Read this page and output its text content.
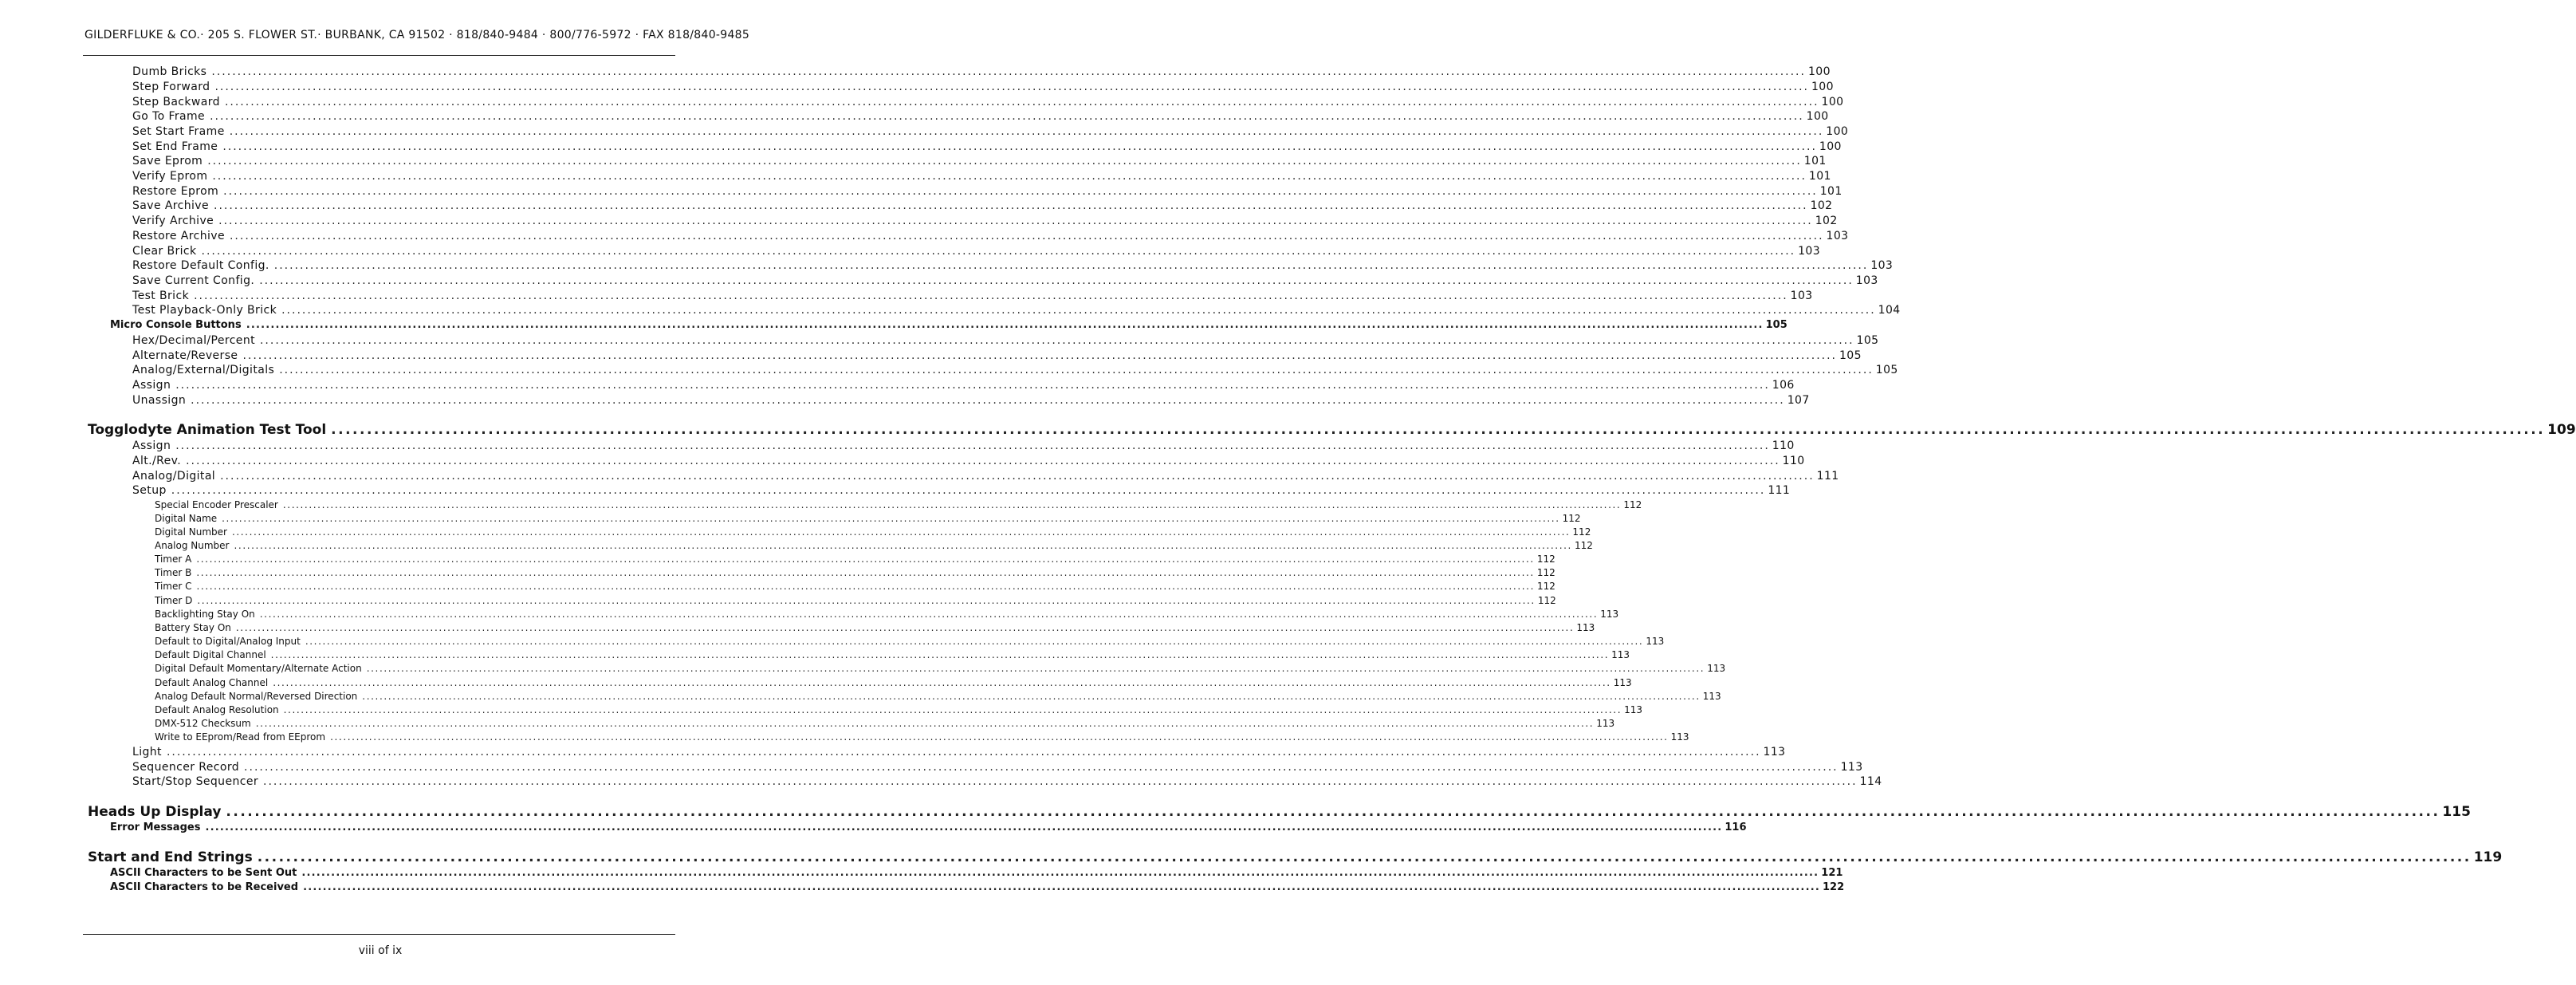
GILDERFLUKE & CO.· 205 S. FLOWER ST.· BURBANK, CA 91502 · 818/840-9484 · 800/776-5972 · FAX 818/840-9485
Dumb Bricks .....	100
Step Forward .....	100
Step Backward .....	100
Go To Frame .....	100
Set Start Frame .....	100
Set End Frame .....	100
Save Eprom .....	101
Verify Eprom .....	101
Restore Eprom .....	101
Save Archive .....	102
Verify Archive .....	102
Restore Archive .....	103
Clear Brick .....	103
Restore Default Config. .....	103
Save Current Config. .....	103
Test Brick .....	103
Test Playback-Only Brick .....	104
Micro Console Buttons .....	105
Hex/Decimal/Percent .....	105
Alternate/Reverse .....	105
Analog/External/Digitals .....	105
Assign .....	106
Unassign .....	107
Togglodyte Animation Test Tool .....	109
Assign .....	110
Alt./Rev. .....	110
Analog/Digital .....	111
Setup .....	111
Special Encoder Prescaler .....	112
Digital Name .....	112
Digital Number .....	112
Analog Number .....	112
Timer A .....	112
Timer B .....	112
Timer C .....	112
Timer D .....	112
Backlighting Stay On .....	113
Battery Stay On .....	113
Default to Digital/Analog Input .....	113
Default Digital Channel .....	113
Digital Default Momentary/Alternate Action .....	113
Default Analog Channel .....	113
Analog Default Normal/Reversed Direction .....	113
Default Analog Resolution .....	113
DMX-512 Checksum .....	113
Write to EEprom/Read from EEprom .....	113
Light .....	113
Sequencer Record .....	113
Start/Stop Sequencer .....	114
Heads Up Display .....	115
Error Messages .....	116
Start and End Strings .....	119
ASCII Characters to be Sent Out .....	121
ASCII Characters to be Received .....	122
viii of ix
